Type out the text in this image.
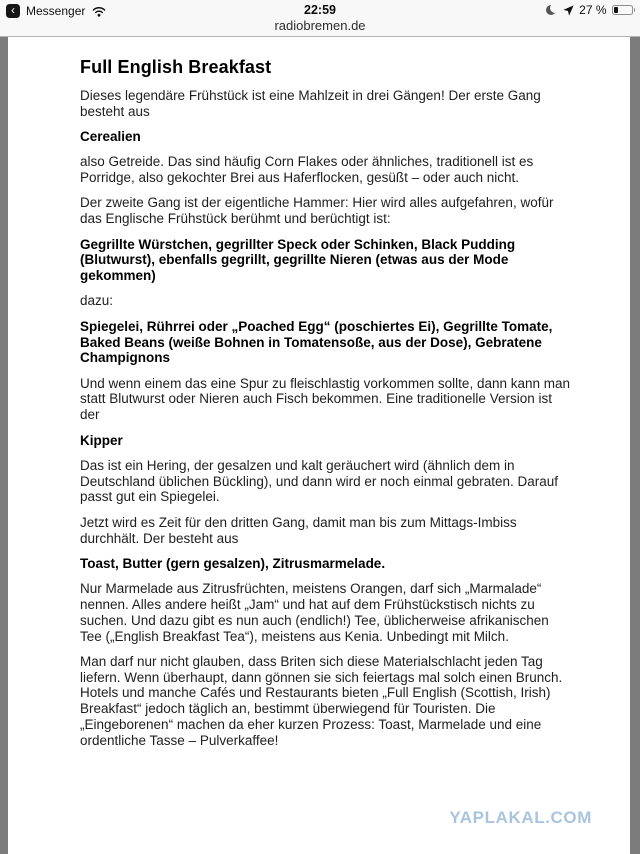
‹ Messenger	22:59	27 %
radiobremen.de
Full English Breakfast

Dieses legendäre Frühstück ist eine Mahlzeit in drei Gängen! Der erste Gang besteht aus

Cerealien

also Getreide. Das sind häufig Corn Flakes oder ähnliches, traditionell ist es Porridge, also gekochter Brei aus Haferflocken, gesüßt – oder auch nicht.

Der zweite Gang ist der eigentliche Hammer: Hier wird alles aufgefahren, wofür das Englische Frühstück berühmt und berüchtigt ist:

Gegrillte Würstchen, gegrillter Speck oder Schinken, Black Pudding (Blutwurst), ebenfalls gegrillt, gegrillte Nieren (etwas aus der Mode gekommen)

dazu:

Spiegelei, Rührrei oder „Poached Egg“ (poschiertes Ei), Gegrillte Tomate, Baked Beans (weiße Bohnen in Tomatensoße, aus der Dose), Gebratene Champignons

Und wenn einem das eine Spur zu fleischlastig vorkommen sollte, dann kann man statt Blutwurst oder Nieren auch Fisch bekommen. Eine traditionelle Version ist der

Kipper

Das ist ein Hering, der gesalzen und kalt geräuchert wird (ähnlich dem in Deutschland üblichen Bückling), und dann wird er noch einmal gebraten. Darauf passt gut ein Spiegelei.

Jetzt wird es Zeit für den dritten Gang, damit man bis zum Mittags-Imbiss durchhält. Der besteht aus

Toast, Butter (gern gesalzen), Zitrusmarmelade.

Nur Marmelade aus Zitrusfrüchten, meistens Orangen, darf sich „Marmalade“ nennen. Alles andere heißt „Jam“ und hat auf dem Frühstückstisch nichts zu suchen. Und dazu gibt es nun auch (endlich!) Tee, üblicherweise afrikanischen Tee („English Breakfast Tea“), meistens aus Kenia. Unbedingt mit Milch.

Man darf nur nicht glauben, dass Briten sich diese Materialschlacht jeden Tag liefern. Wenn überhaupt, dann gönnen sie sich feiertags mal solch einen Brunch. Hotels und manche Cafés und Restaurants bieten „Full English (Scottish, Irish) Breakfast“ jedoch täglich an, bestimmt überwiegend für Touristen. Die „Eingeborenen“ machen da eher kurzen Prozess: Toast, Marmelade und eine ordentliche Tasse – Pulverkaffee!

YAPLAKAL.COM
